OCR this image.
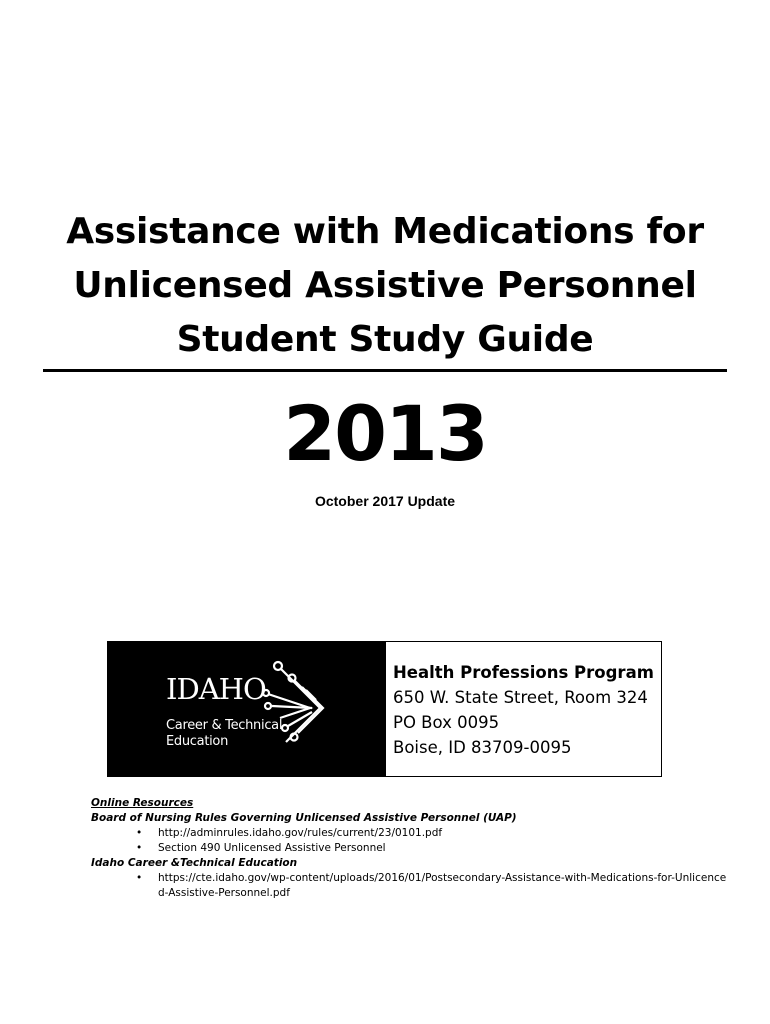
Assistance with Medications for
Unlicensed Assistive Personnel
Student Study Guide
2013
October 2017 Update
IDAHO
Career & Technical
Education
Health Professions Program
650 W. State Street, Room 324
PO Box 0095
Boise, ID 83709-0095
Online Resources
Board of Nursing Rules Governing Unlicensed Assistive Personnel (UAP)
• http://adminrules.idaho.gov/rules/current/23/0101.pdf
• Section 490 Unlicensed Assistive Personnel
Idaho Career &Technical Education
• https://cte.idaho.gov/wp-content/uploads/2016/01/Postsecondary-Assistance-with-Medications-for-Unlicenced-Assistive-Personnel.pdf
